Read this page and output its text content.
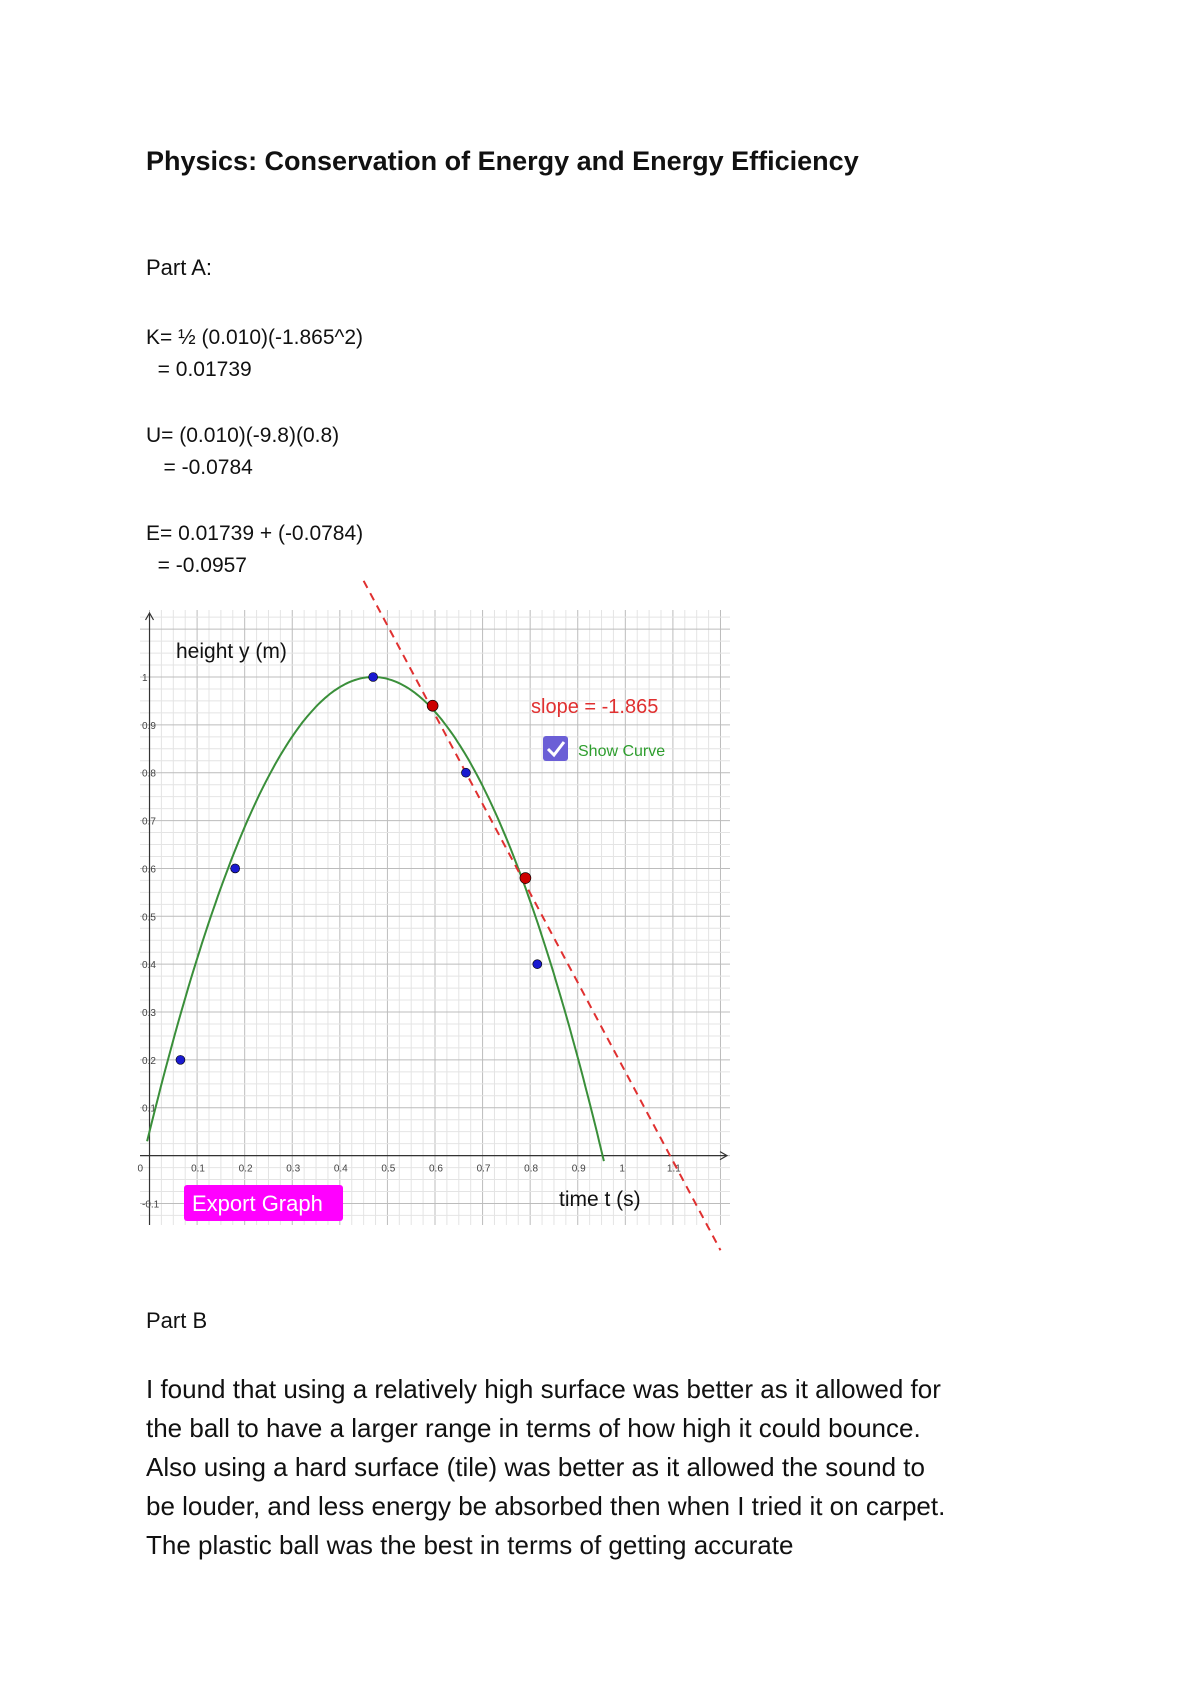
Physics: Conservation of Energy and Energy Efficiency

Part A:

K= ½ (0.010)(-1.865^2)

= 0.01739

U= (0.010)(-9.8)(0.8)

= -0.0784

E= 0.01739 + (-0.0784)

= -0.0957

0	0.1	0.2	0.3	0.4	0.5	0.6	0.7	0.8	0.9	1	1.1
-0.1
0.1
0.2
0.3
0.4
0.5
0.6
0.7
0.8
0.9
1
height y (m)
time t (s)
slope = -1.865
Show Curve
Export Graph

Part B

I found that using a relatively high surface was better as it allowed for
the ball to have a larger range in terms of how high it could bounce.
Also using a hard surface (tile) was better as it allowed the sound to
be louder, and less energy be absorbed then when I tried it on carpet.
The plastic ball was the best in terms of getting accurate
